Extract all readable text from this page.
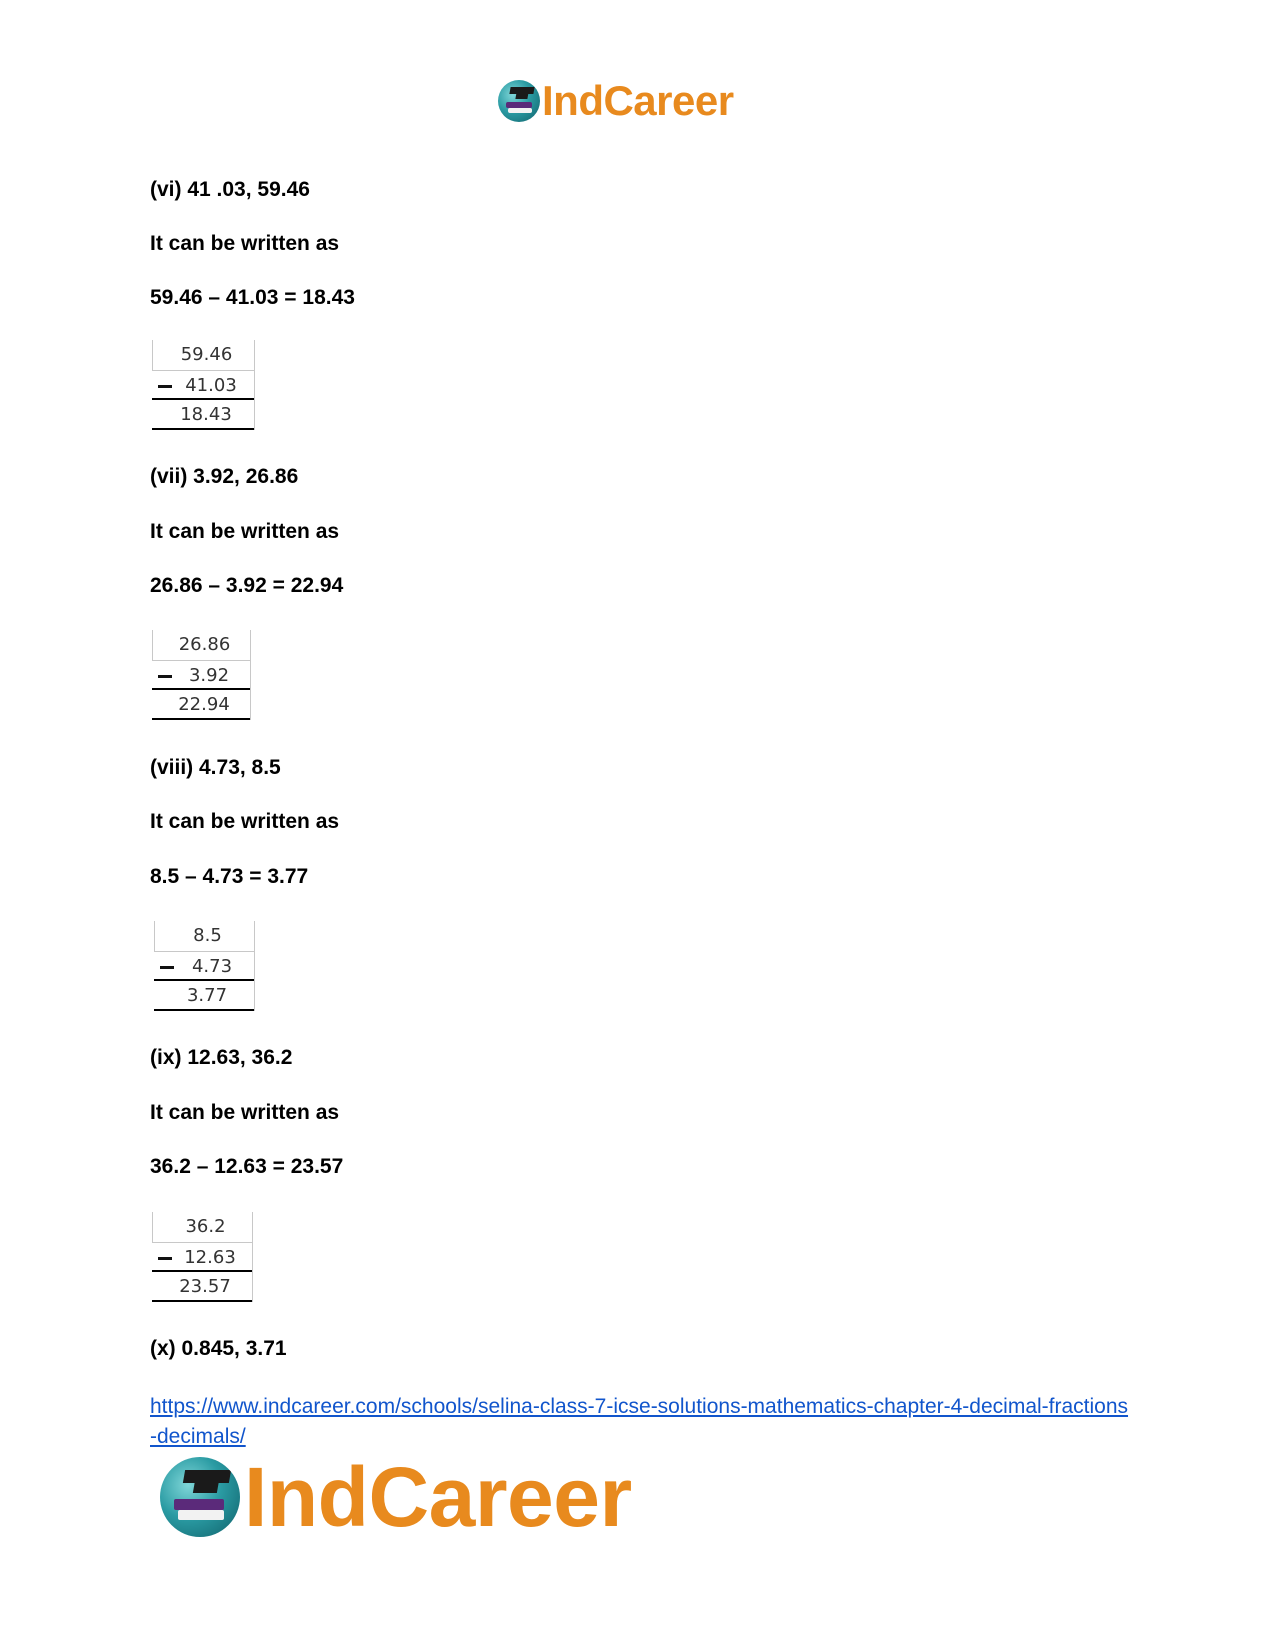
IndCareer
(vi) 41 .03, 59.46
It can be written as
59.46 – 41.03 = 18.43
59.46
41.03
18.43
(vii) 3.92, 26.86
It can be written as
26.86 – 3.92 = 22.94
26.86
3.92
22.94
(viii) 4.73, 8.5
It can be written as
8.5 – 4.73 = 3.77
8.5
4.73
3.77
(ix) 12.63, 36.2
It can be written as
36.2 – 12.63 = 23.57
36.2
12.63
23.57
(x) 0.845, 3.71
https://www.indcareer.com/schools/selina-class-7-icse-solutions-mathematics-chapter-4-decimal-fractions-decimals/
IndCareer
